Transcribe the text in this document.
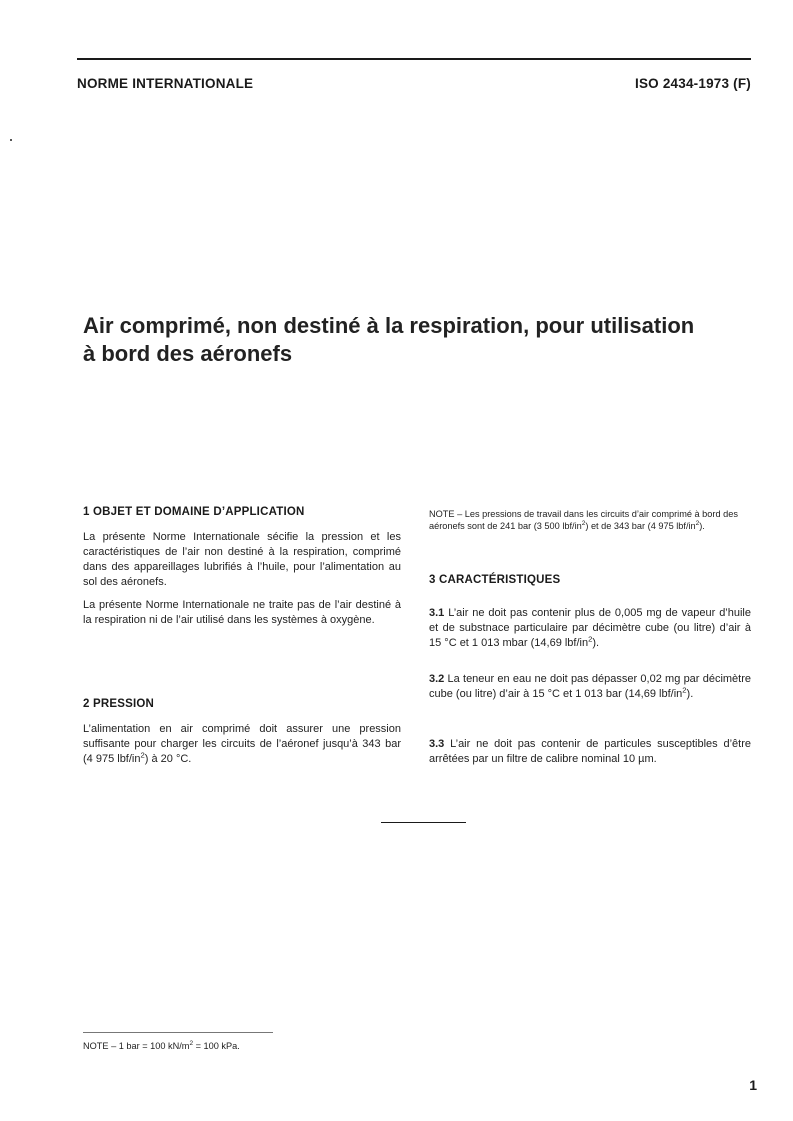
NORME INTERNATIONALE	ISO 2434-1973 (F)
Air comprimé, non destiné à la respiration, pour utilisation
à bord des aéronefs
1 OBJET ET DOMAINE D’APPLICATION
La présente Norme Internationale sécifie la pression et les caractéristiques de l’air non destiné à la respiration, comprimé dans des appareillages lubrifiés à l’huile, pour l’alimentation au sol des aéronefs.
La présente Norme Internationale ne traite pas de l’air destiné à la respiration ni de l’air utilisé dans les systèmes à oxygène.
2 PRESSION
L’alimentation en air comprimé doit assurer une pression suffisante pour charger les circuits de l’aéronef jusqu’à 343 bar (4 975 lbf/$in^2$) à 20 °C.
NOTE – Les pressions de travail dans les circuits d’air comprimé à bord des aéronefs sont de 241 bar (3 500 lbf/$in^2$) et de 343 bar (4 975 lbf/$in^2$).
3 CARACTÉRISTIQUES
3.1 L’air ne doit pas contenir plus de 0,005 mg de vapeur d’huile et de substnace particulaire par décimètre cube (ou litre) d’air à 15 °C et 1 013 mbar (14,69 lbf/$in^2$).
3.2 La teneur en eau ne doit pas dépasser 0,02 mg par décimètre cube (ou litre) d’air à 15 °C et 1 013 bar (14,69 lbf/$in^2$).
3.3 L’air ne doit pas contenir de particules susceptibles d’être arrêtées par un filtre de calibre nominal 10 µm.
NOTE – 1 bar = 100 $kN/m^2 = 100$ kPa.
1
